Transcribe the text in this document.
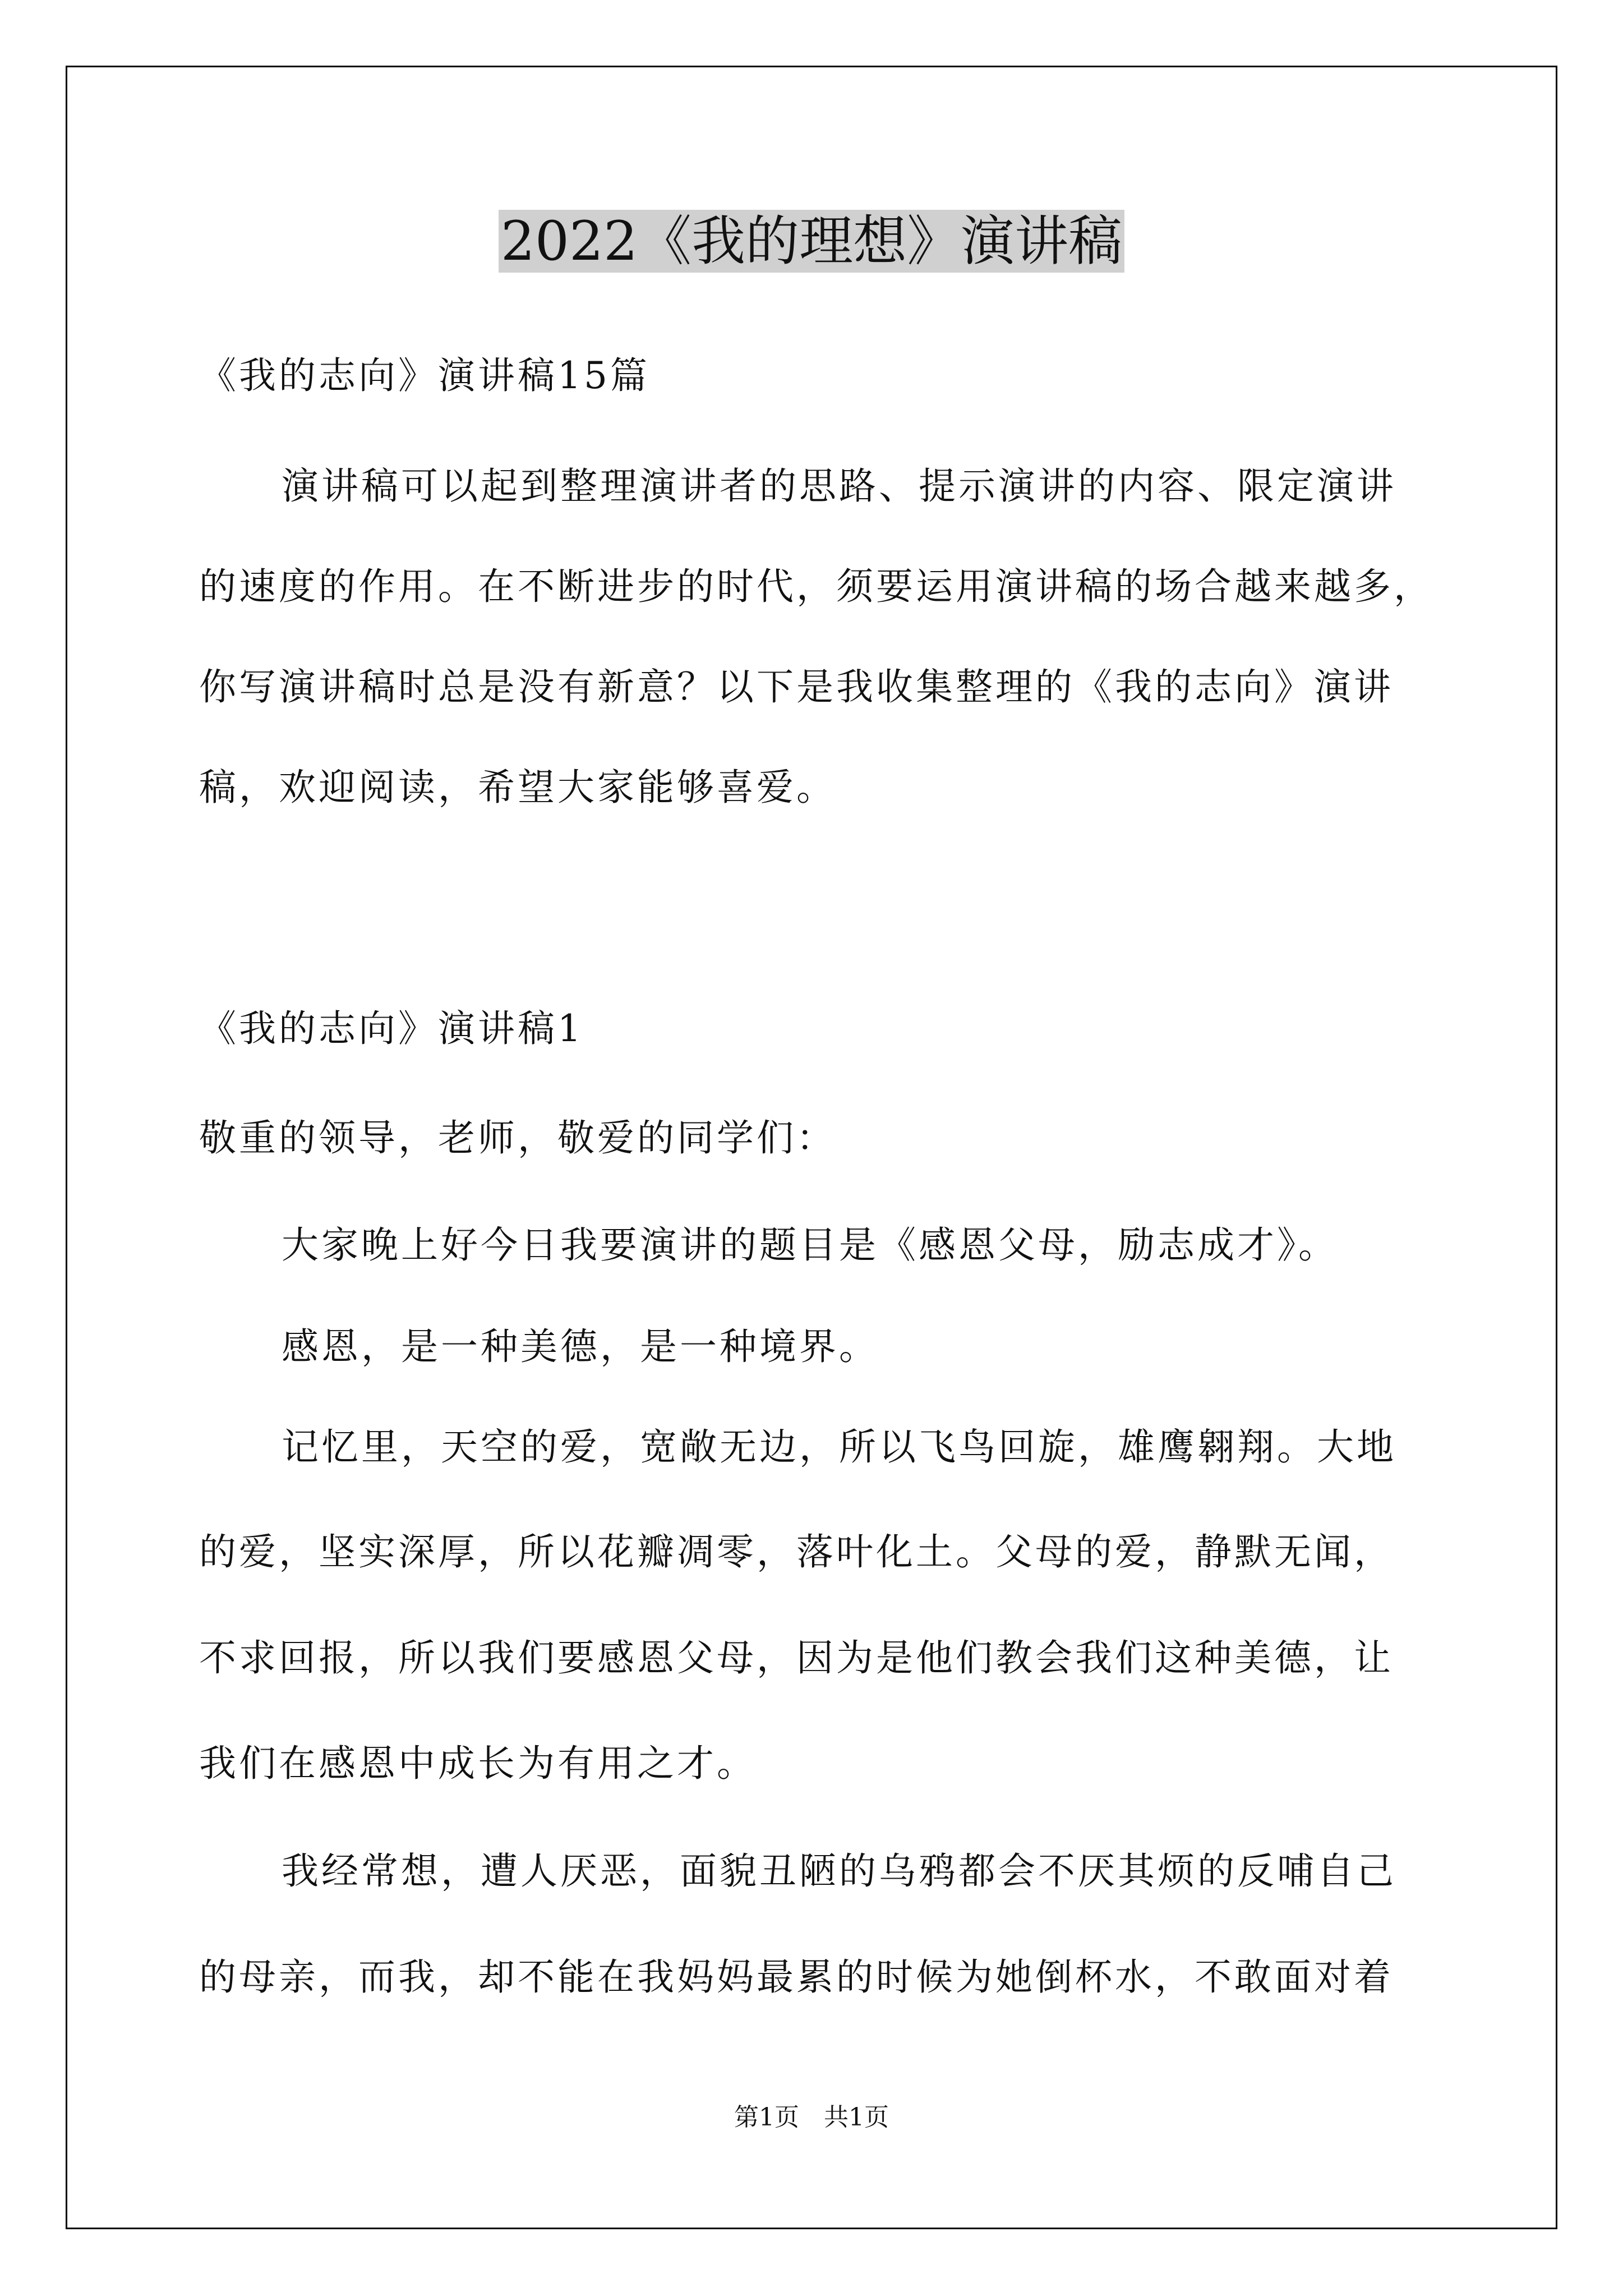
2022《我的理想》演讲稿
《我的志向》演讲稿15篇
演讲稿可以起到整理演讲者的思路、提示演讲的内容、限定演讲
的速度的作用。在不断进步的时代，须要运用演讲稿的场合越来越多，
你写演讲稿时总是没有新意？以下是我收集整理的《我的志向》演讲
稿，欢迎阅读，希望大家能够喜爱。
《我的志向》演讲稿1
敬重的领导，老师，敬爱的同学们：
大家晚上好今日我要演讲的题目是《感恩父母，励志成才》。
感恩，是一种美德，是一种境界。
记忆里，天空的爱，宽敞无边，所以飞鸟回旋，雄鹰翱翔。大地
的爱，坚实深厚，所以花瓣凋零，落叶化土。父母的爱，静默无闻，
不求回报，所以我们要感恩父母，因为是他们教会我们这种美德，让
我们在感恩中成长为有用之才。
我经常想，遭人厌恶，面貌丑陋的乌鸦都会不厌其烦的反哺自己
的母亲，而我，却不能在我妈妈最累的时候为她倒杯水，不敢面对着
第1页　共1页
